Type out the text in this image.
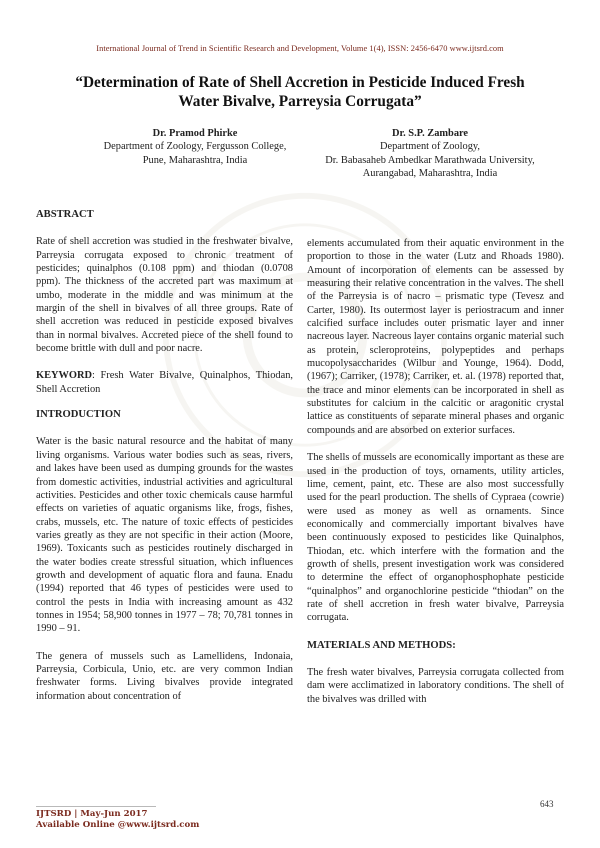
International Journal of Trend in Scientific Research and Development, Volume 1(4), ISSN: 2456-6470 www.ijtsrd.com
“Determination of Rate of Shell Accretion in Pesticide Induced Fresh
Water Bivalve, Parreysia Corrugata”
Dr. Pramod Phirke
Department of Zoology, Fergusson College,
Pune, Maharashtra, India
Dr. S.P. Zambare
Department of Zoology,
Dr. Babasaheb Ambedkar Marathwada University,
Aurangabad, Maharashtra, India

ABSTRACT

Rate of shell accretion was studied in the freshwater bivalve, Parreysia corrugata exposed to chronic treatment of pesticides; quinalphos (0.108 ppm) and thiodan (0.0708 ppm). The thickness of the accreted part was maximum at umbo, moderate in the middle and was minimum at the margin of the shell in bivalves of all three groups. Rate of shell accretion was reduced in pesticide exposed bivalves than in normal bivalves. Accreted piece of the shell found to become brittle with dull and poor nacre.

KEYWORD: Fresh Water Bivalve, Quinalphos, Thiodan, Shell Accretion

INTRODUCTION

Water is the basic natural resource and the habitat of many living organisms. Various water bodies such as seas, rivers, and lakes have been used as dumping grounds for the wastes from domestic activities, industrial activities and agricultural activities. Pesticides and other toxic chemicals cause harmful effects on varieties of aquatic organisms like, frogs, fishes, crabs, mussels, etc. The nature of toxic effects of pesticides varies greatly as they are not specific in their action (Moore, 1969). Toxicants such as pesticides routinely discharged in the water bodies create stressful situation, which influences growth and development of aquatic flora and fauna. Enadu (1994) reported that 46 types of pesticides were used to control the pests in India with increasing amount as 432 tonnes in 1954; 58,900 tonnes in 1977 – 78; 70,781 tonnes in 1990 – 91.

The genera of mussels such as Lamellidens, Indonaia, Parreysia, Corbicula, Unio, etc. are very common Indian freshwater forms. Living bivalves provide integrated information about concentration of

elements accumulated from their aquatic environment in the proportion to those in the water (Lutz and Rhoads 1980). Amount of incorporation of elements can be assessed by measuring their relative concentration in the valves. The shell of the Parreysia is of nacro – prismatic type (Tevesz and Carter, 1980). Its outermost layer is periostracum and inner calcified surface includes outer prismatic layer and inner nacreous layer. Nacreous layer contains organic material such as protein, scleroproteins, polypeptides and perhaps mucopolysaccharides (Wilbur and Younge, 1964). Dodd, (1967); Carriker, (1978); Carriker, et. al. (1978) reported that, the trace and minor elements can be incorporated in shell as substitutes for calcium in the calcitic or aragonitic crystal lattice as constituents of separate mineral phases and organic compounds and are absorbed on exterior surfaces.

The shells of mussels are economically important as these are used in the production of toys, ornaments, utility articles, lime, cement, paint, etc. These are also most successfully used for the pearl production. The shells of Cypraea (cowrie) were used as money as well as ornaments. Since economically and commercially important bivalves have been continuously exposed to pesticides like Quinalphos, Thiodan, etc. which interfere with the formation and the growth of shells, present investigation work was considered to determine the effect of organophosphophate pesticide “quinalphos” and organochlorine pesticide “thiodan” on the rate of shell accretion in fresh water bivalve, Parreysia corrugata.

MATERIALS AND METHODS:

The fresh water bivalves, Parreysia corrugata collected from dam were acclimatized in laboratory conditions. The shell of the bivalves was drilled with

643
IJTSRD | May-Jun 2017
Available Online @www.ijtsrd.com
